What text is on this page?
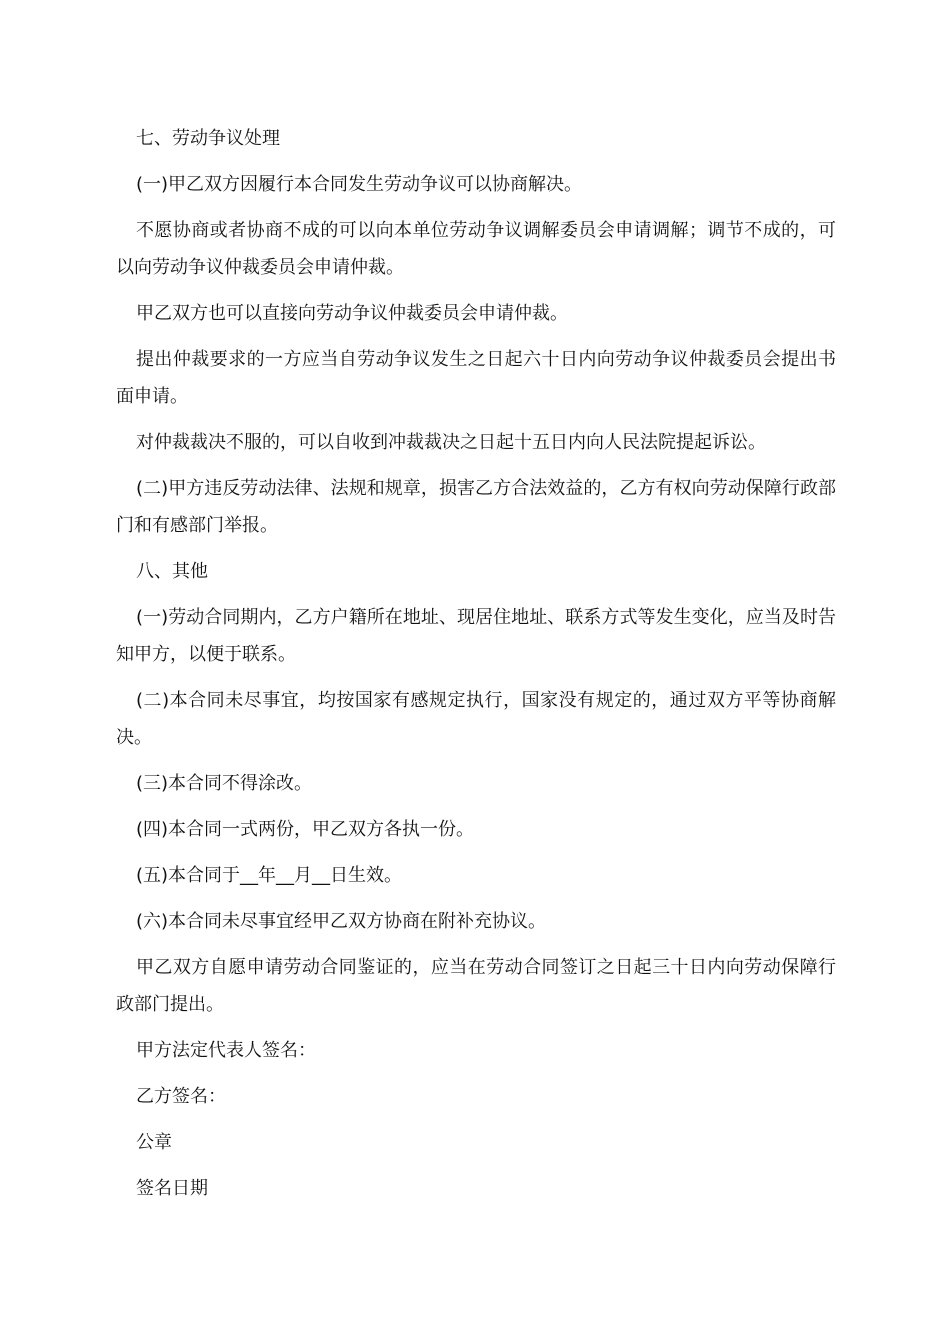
七、劳动争议处理

(一)甲乙双方因履行本合同发生劳动争议可以协商解决。

不愿协商或者协商不成的可以向本单位劳动争议调解委员会申请调解；调节不成的，可以向劳动争议仲裁委员会申请仲裁。

甲乙双方也可以直接向劳动争议仲裁委员会申请仲裁。

提出仲裁要求的一方应当自劳动争议发生之日起六十日内向劳动争议仲裁委员会提出书面申请。

对仲裁裁决不服的，可以自收到冲裁裁决之日起十五日内向人民法院提起诉讼。

(二)甲方违反劳动法律、法规和规章，损害乙方合法效益的，乙方有权向劳动保障行政部门和有感部门举报。

八、其他

(一)劳动合同期内，乙方户籍所在地址、现居住地址、联系方式等发生变化，应当及时告知甲方，以便于联系。

(二)本合同未尽事宜，均按国家有感规定执行，国家没有规定的，通过双方平等协商解决。

(三)本合同不得涂改。

(四)本合同一式两份，甲乙双方各执一份。

(五)本合同于__年__月__日生效。

(六)本合同未尽事宜经甲乙双方协商在附补充协议。

甲乙双方自愿申请劳动合同鉴证的，应当在劳动合同签订之日起三十日内向劳动保障行政部门提出。

甲方法定代表人签名：

乙方签名：

公章

签名日期
